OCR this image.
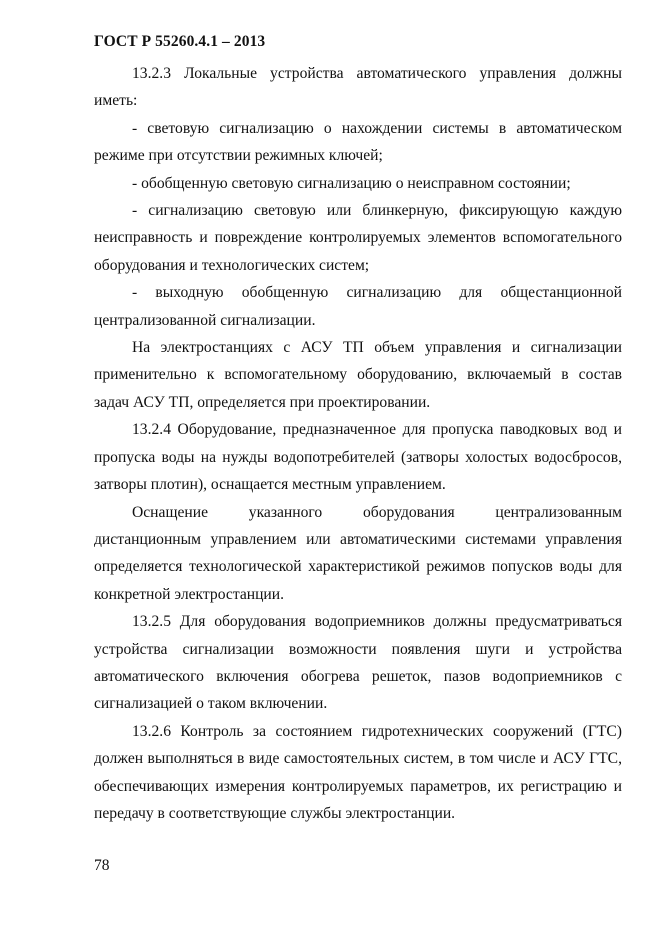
ГОСТ Р 55260.4.1 – 2013

13.2.3 Локальные устройства автоматического управления должны иметь:

- световую сигнализацию о нахождении системы в автоматическом режиме при отсутствии режимных ключей;

- обобщенную световую сигнализацию о неисправном состоянии;

- сигнализацию световую или блинкерную, фиксирующую каждую неисправность и повреждение контролируемых элементов вспомогательного оборудования и технологических систем;

- выходную обобщенную сигнализацию для общестанционной централизованной сигнализации.

На электростанциях с АСУ ТП объем управления и сигнализации применительно к вспомогательному оборудованию, включаемый в состав задач АСУ ТП, определяется при проектировании.

13.2.4 Оборудование, предназначенное для пропуска паводковых вод и пропуска воды на нужды водопотребителей (затворы холостых водосбросов, затворы плотин), оснащается местным управлением.

Оснащение указанного оборудования централизованным дистанционным управлением или автоматическими системами управления определяется технологической характеристикой режимов попусков воды для конкретной электростанции.

13.2.5 Для оборудования водоприемников должны предусматриваться устройства сигнализации возможности появления шуги и устройства автоматического включения обогрева решеток, пазов водоприемников с сигнализацией о таком включении.

13.2.6 Контроль за состоянием гидротехнических сооружений (ГТС) должен выполняться в виде самостоятельных систем, в том числе и АСУ ГТС, обеспечивающих измерения контролируемых параметров, их регистрацию и передачу в соответствующие службы электростанции.

78
